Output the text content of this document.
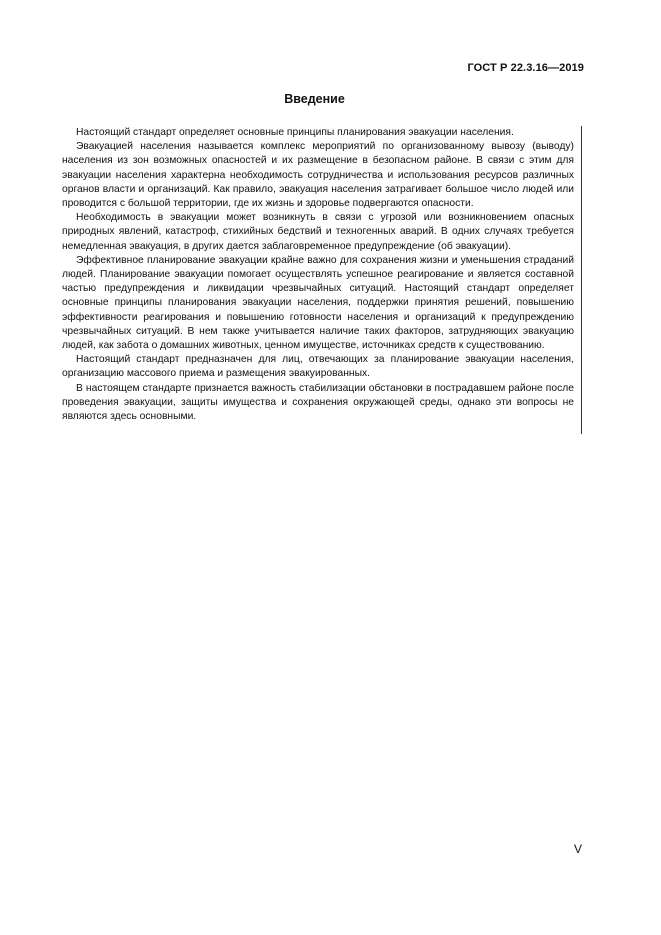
ГОСТ Р 22.3.16—2019
Введение

Настоящий стандарт определяет основные принципы планирования эвакуации населения.

Эвакуацией населения называется комплекс мероприятий по организованному вывозу (выводу) населения из зон возможных опасностей и их размещение в безопасном районе. В связи с этим для эвакуации населения характерна необходимость сотрудничества и использования ресурсов различных органов власти и организаций. Как правило, эвакуация населения затрагивает большое число людей или проводится с большой территории, где их жизнь и здоровье подвергаются опасности.

Необходимость в эвакуации может возникнуть в связи с угрозой или возникновением опасных природных явлений, катастроф, стихийных бедствий и техногенных аварий. В одних случаях требуется немедленная эвакуация, в других дается заблаговременное предупреждение (об эвакуации).

Эффективное планирование эвакуации крайне важно для сохранения жизни и уменьшения страданий людей. Планирование эвакуации помогает осуществлять успешное реагирование и является составной частью предупреждения и ликвидации чрезвычайных ситуаций. Настоящий стандарт определяет основные принципы планирования эвакуации населения, поддержки принятия решений, повышению эффективности реагирования и повышению готовности населения и организаций к предупреждению чрезвычайных ситуаций. В нем также учитывается наличие таких факторов, затрудняющих эвакуацию людей, как забота о домашних животных, ценном имуществе, источниках средств к существованию.

Настоящий стандарт предназначен для лиц, отвечающих за планирование эвакуации населения, организацию массового приема и размещения эвакуированных.

В настоящем стандарте признается важность стабилизации обстановки в пострадавшем районе после проведения эвакуации, защиты имущества и сохранения окружающей среды, однако эти вопросы не являются здесь основными.

V
